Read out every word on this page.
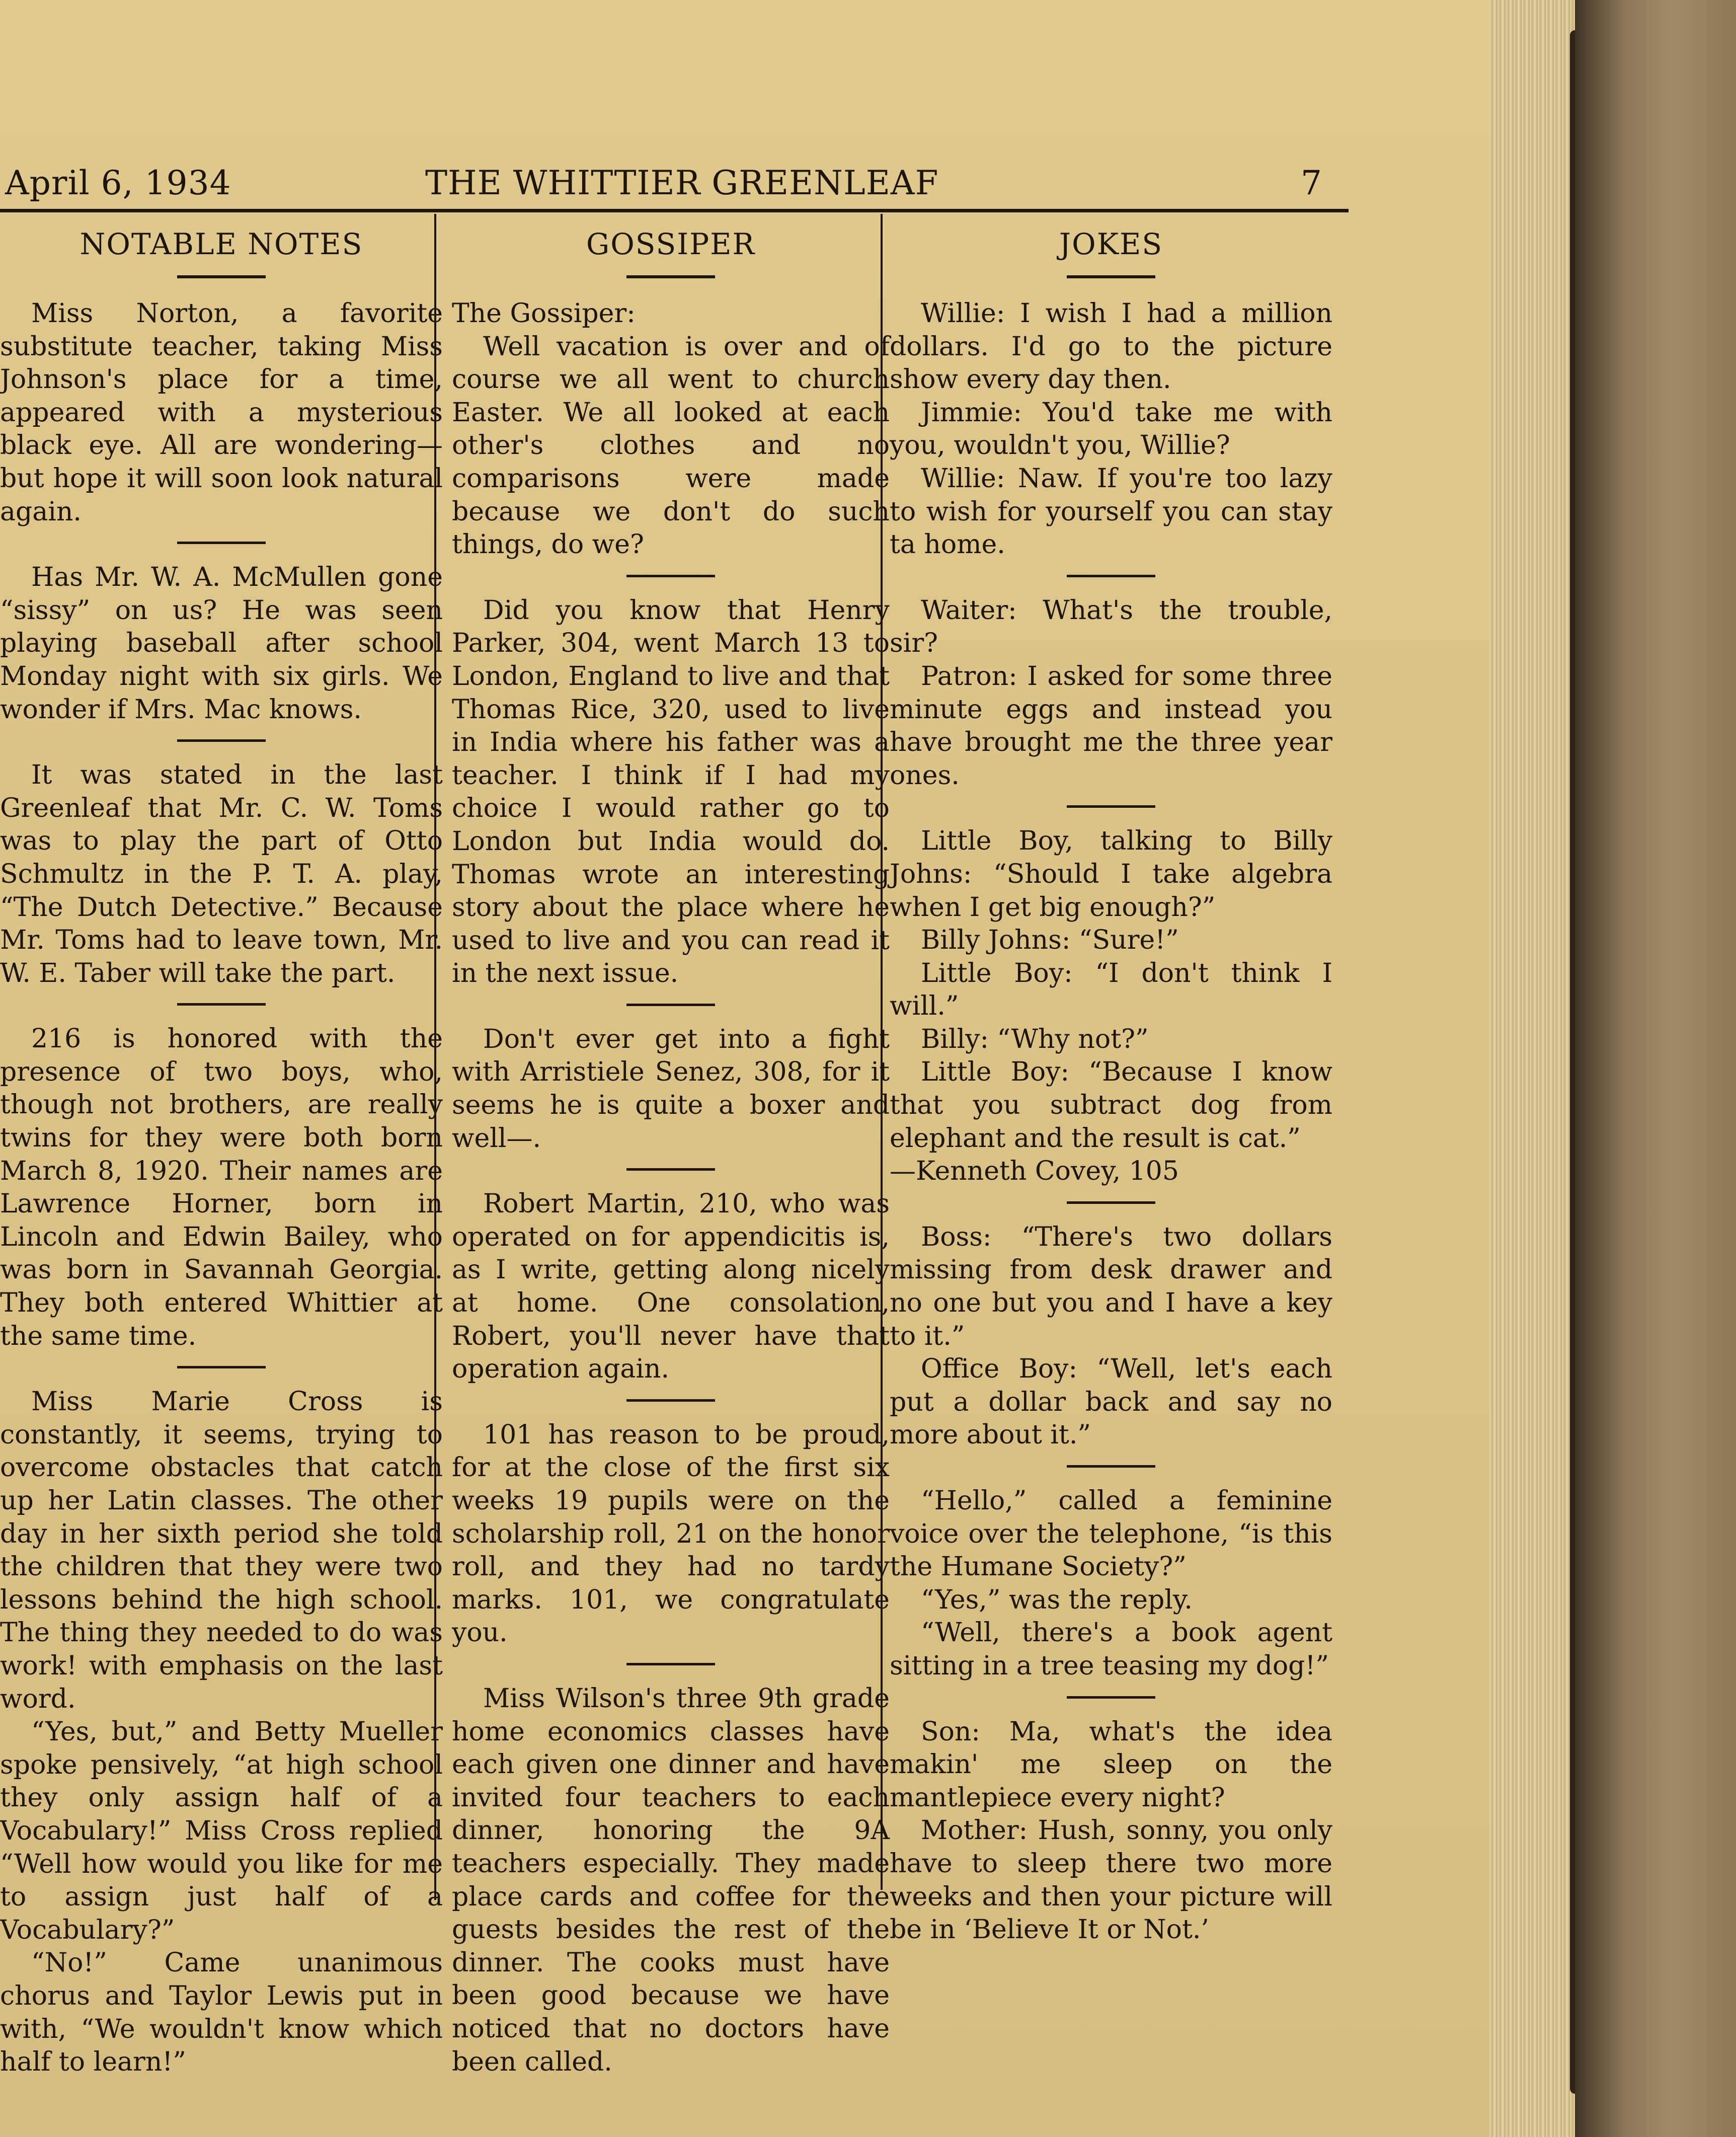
April 6, 1934	THE WHITTIER GREENLEAF	7
NOTABLE NOTES

Miss Norton, a favorite substitute teacher, taking Miss Johnson's place for a time, appeared with a mysterious black eye. All are wondering—but hope it will soon look natural again.

Has Mr. W. A. McMullen gone “sissy” on us? He was seen playing baseball after school Monday night with six girls. We wonder if Mrs. Mac knows.

It was stated in the last Greenleaf that Mr. C. W. Toms was to play the part of Otto Schmultz in the P. T. A. play, “The Dutch Detective.” Because Mr. Toms had to leave town, Mr. W. E. Taber will take the part.

216 is honored with the presence of two boys, who, though not brothers, are really twins for they were both born March 8, 1920. Their names are Lawrence Horner, born in Lincoln and Edwin Bailey, who was born in Savannah Georgia. They both entered Whittier at the same time.

Miss Marie Cross is constantly, it seems, trying to overcome obstacles that catch up her Latin classes. The other day in her sixth period she told the children that they were two lessons behind the high school. The thing they needed to do was work! with emphasis on the last word.

“Yes, but,” and Betty Mueller spoke pensively, “at high school they only assign half of a Vocabulary!” Miss Cross replied “Well how would you like for me to assign just half of a Vocabulary?”

“No!” Came unanimous chorus and Taylor Lewis put in with, “We wouldn't know which half to learn!”

GOSSIPER

The Gossiper:

Well vacation is over and of course we all went to church Easter. We all looked at each other's clothes and no comparisons were made because we don't do such things, do we?

Did you know that Henry Parker, 304, went March 13 to London, England to live and that Thomas Rice, 320, used to live in India where his father was a teacher. I think if I had my choice I would rather go to London but India would do. Thomas wrote an interesting story about the place where he used to live and you can read it in the next issue.

Don't ever get into a fight with Arristiele Senez, 308, for it seems he is quite a boxer and well—.

Robert Martin, 210, who was operated on for appendicitis is, as I write, getting along nicely at home. One consolation, Robert, you'll never have that operation again.

101 has reason to be proud, for at the close of the first six weeks 19 pupils were on the scholarship roll, 21 on the honor roll, and they had no tardy marks. 101, we congratulate you.

Miss Wilson's three 9th grade home economics classes have each given one dinner and have invited four teachers to each dinner, honoring the 9A teachers especially. They made place cards and coffee for the guests besides the rest of the dinner. The cooks must have been good because we have noticed that no doctors have been called.

JOKES

Willie: I wish I had a million dollars. I'd go to the picture show every day then.

Jimmie: You'd take me with you, wouldn't you, Willie?

Willie: Naw. If you're too lazy to wish for yourself you can stay ta home.

Waiter: What's the trouble, sir?

Patron: I asked for some three minute eggs and instead you have brought me the three year ones.

Little Boy, talking to Billy Johns: “Should I take algebra when I get big enough?”

Billy Johns: “Sure!”

Little Boy: “I don't think I will.”

Billy: “Why not?”

Little Boy: “Because I know that you subtract dog from elephant and the result is cat.”

—Kenneth Covey, 105

Boss: “There's two dollars missing from desk drawer and no one but you and I have a key to it.”

Office Boy: “Well, let's each put a dollar back and say no more about it.”

“Hello,” called a feminine voice over the telephone, “is this the Humane Society?”

“Yes,” was the reply.

“Well, there's a book agent sitting in a tree teasing my dog!”

Son: Ma, what's the idea makin' me sleep on the mantlepiece every night?

Mother: Hush, sonny, you only have to sleep there two more weeks and then your picture will be in ‘Believe It or Not.’
